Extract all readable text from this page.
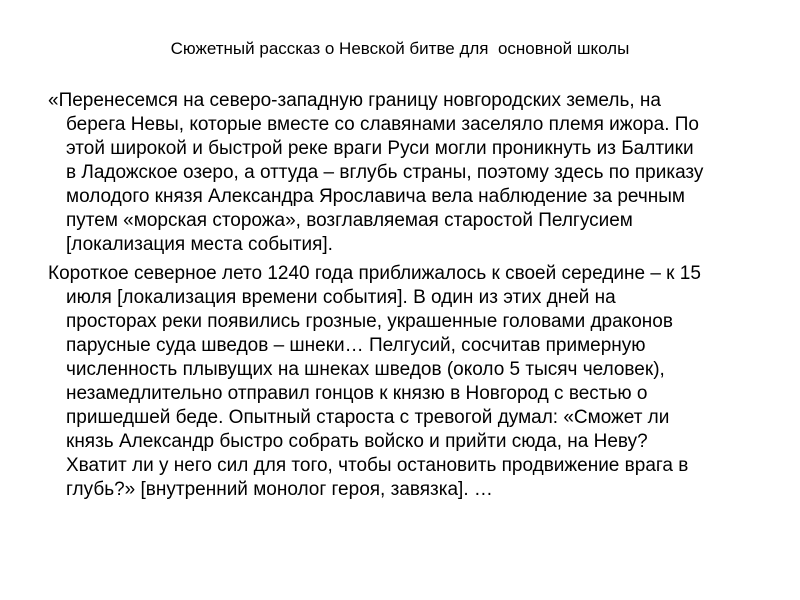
Сюжетный рассказ о Невской битве для  основной школы
«Перенесемся на северо-западную границу новгородских земель, на
берега Невы, которые вместе со славянами заселяло племя ижора. По
этой широкой и быстрой реке враги Руси могли проникнуть из Балтики
в Ладожское озеро, а оттуда – вглубь страны, поэтому здесь по приказу
молодого князя Александра Ярославича вела наблюдение за речным
путем «морская сторожа», возглавляемая старостой Пелгусием
[локализация места события].
Короткое северное лето 1240 года приближалось к своей середине – к 15
июля [локализация времени события]. В один из этих дней на
просторах реки появились грозные, украшенные головами драконов
парусные суда шведов – шнеки… Пелгусий, сосчитав примерную
численность плывущих на шнеках шведов (около 5 тысяч человек),
незамедлительно отправил гонцов к князю в Новгород с вестью о
пришедшей беде. Опытный староста с тревогой думал: «Сможет ли
князь Александр быстро собрать войско и прийти сюда, на Неву?
Хватит ли у него сил для того, чтобы остановить продвижение врага в
глубь?» [внутренний монолог героя, завязка]. …
